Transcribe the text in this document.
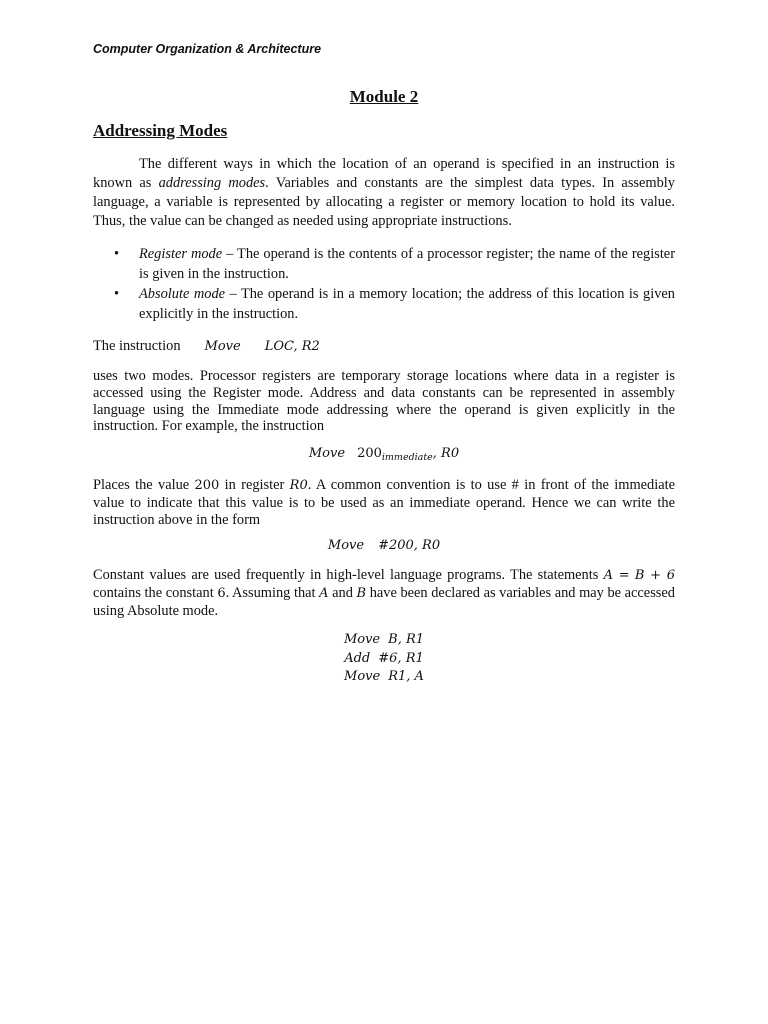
Computer Organization & Architecture
Module 2
Addressing Modes
The different ways in which the location of an operand is specified in an instruction is known as addressing modes. Variables and constants are the simplest data types. In assembly language, a variable is represented by allocating a register or memory location to hold its value. Thus, the value can be changed as needed using appropriate instructions.
• Register mode – The operand is the contents of a processor register; the name of the register is given in the instruction.
• Absolute mode – The operand is in a memory location; the address of this location is given explicitly in the instruction.
The instruction Move LOC, R2
uses two modes. Processor registers are temporary storage locations where data in a register is accessed using the Register mode. Address and data constants can be represented in assembly language using the Immediate mode addressing where the operand is given explicitly in the instruction. For example, the instruction
Move $200_{immediate}$, R0
Places the value 200 in register R0. A common convention is to use # in front of the immediate value to indicate that this value is to be used as an immediate operand. Hence we can write the instruction above in the form
Move #200, R0
Constant values are used frequently in high-level language programs. The statements A = B + 6 contains the constant 6. Assuming that A and B have been declared as variables and may be accessed using Absolute mode.
Move B, R1
Add #6, R1
Move R1, A
